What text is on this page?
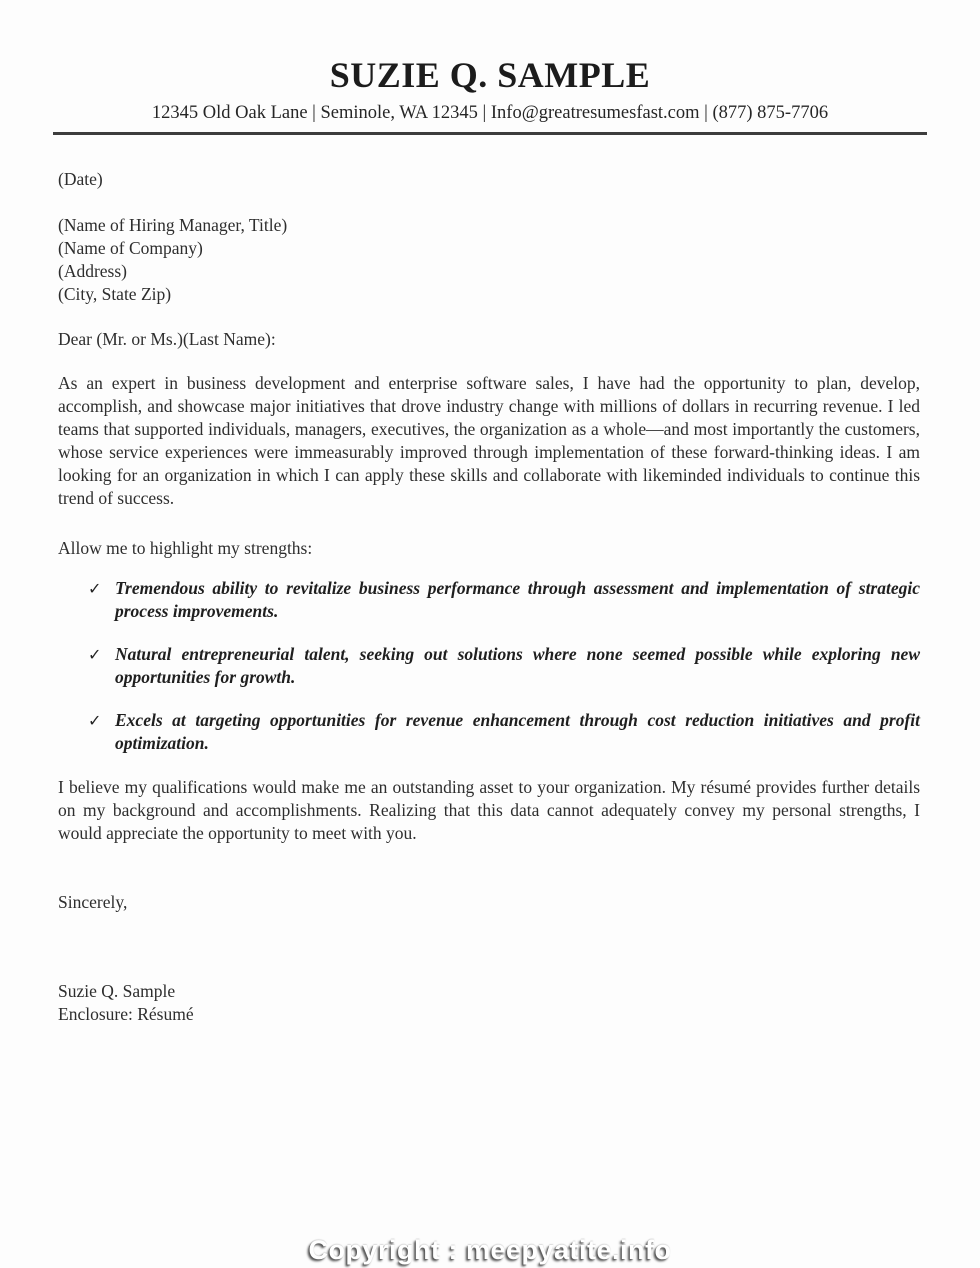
SUZIE Q. SAMPLE
12345 Old Oak Lane | Seminole, WA 12345 | Info@greatresumesfast.com | (877) 875-7706
(Date)
(Name of Hiring Manager, Title)
(Name of Company)
(Address)
(City, State Zip)
Dear (Mr. or Ms.)(Last Name):
As an expert in business development and enterprise software sales, I have had the opportunity to plan, develop, accomplish, and showcase major initiatives that drove industry change with millions of dollars in recurring revenue. I led teams that supported individuals, managers, executives, the organization as a whole—and most importantly the customers, whose service experiences were immeasurably improved through implementation of these forward-thinking ideas. I am looking for an organization in which I can apply these skills and collaborate with likeminded individuals to continue this trend of success.
Allow me to highlight my strengths:
✓ Tremendous ability to revitalize business performance through assessment and implementation of strategic process improvements.
✓ Natural entrepreneurial talent, seeking out solutions where none seemed possible while exploring new opportunities for growth.
✓ Excels at targeting opportunities for revenue enhancement through cost reduction initiatives and profit optimization.
I believe my qualifications would make me an outstanding asset to your organization. My résumé provides further details on my background and accomplishments. Realizing that this data cannot adequately convey my personal strengths, I would appreciate the opportunity to meet with you.
Sincerely,
Suzie Q. Sample
Enclosure: Résumé
Copyright : meepyatite.info
